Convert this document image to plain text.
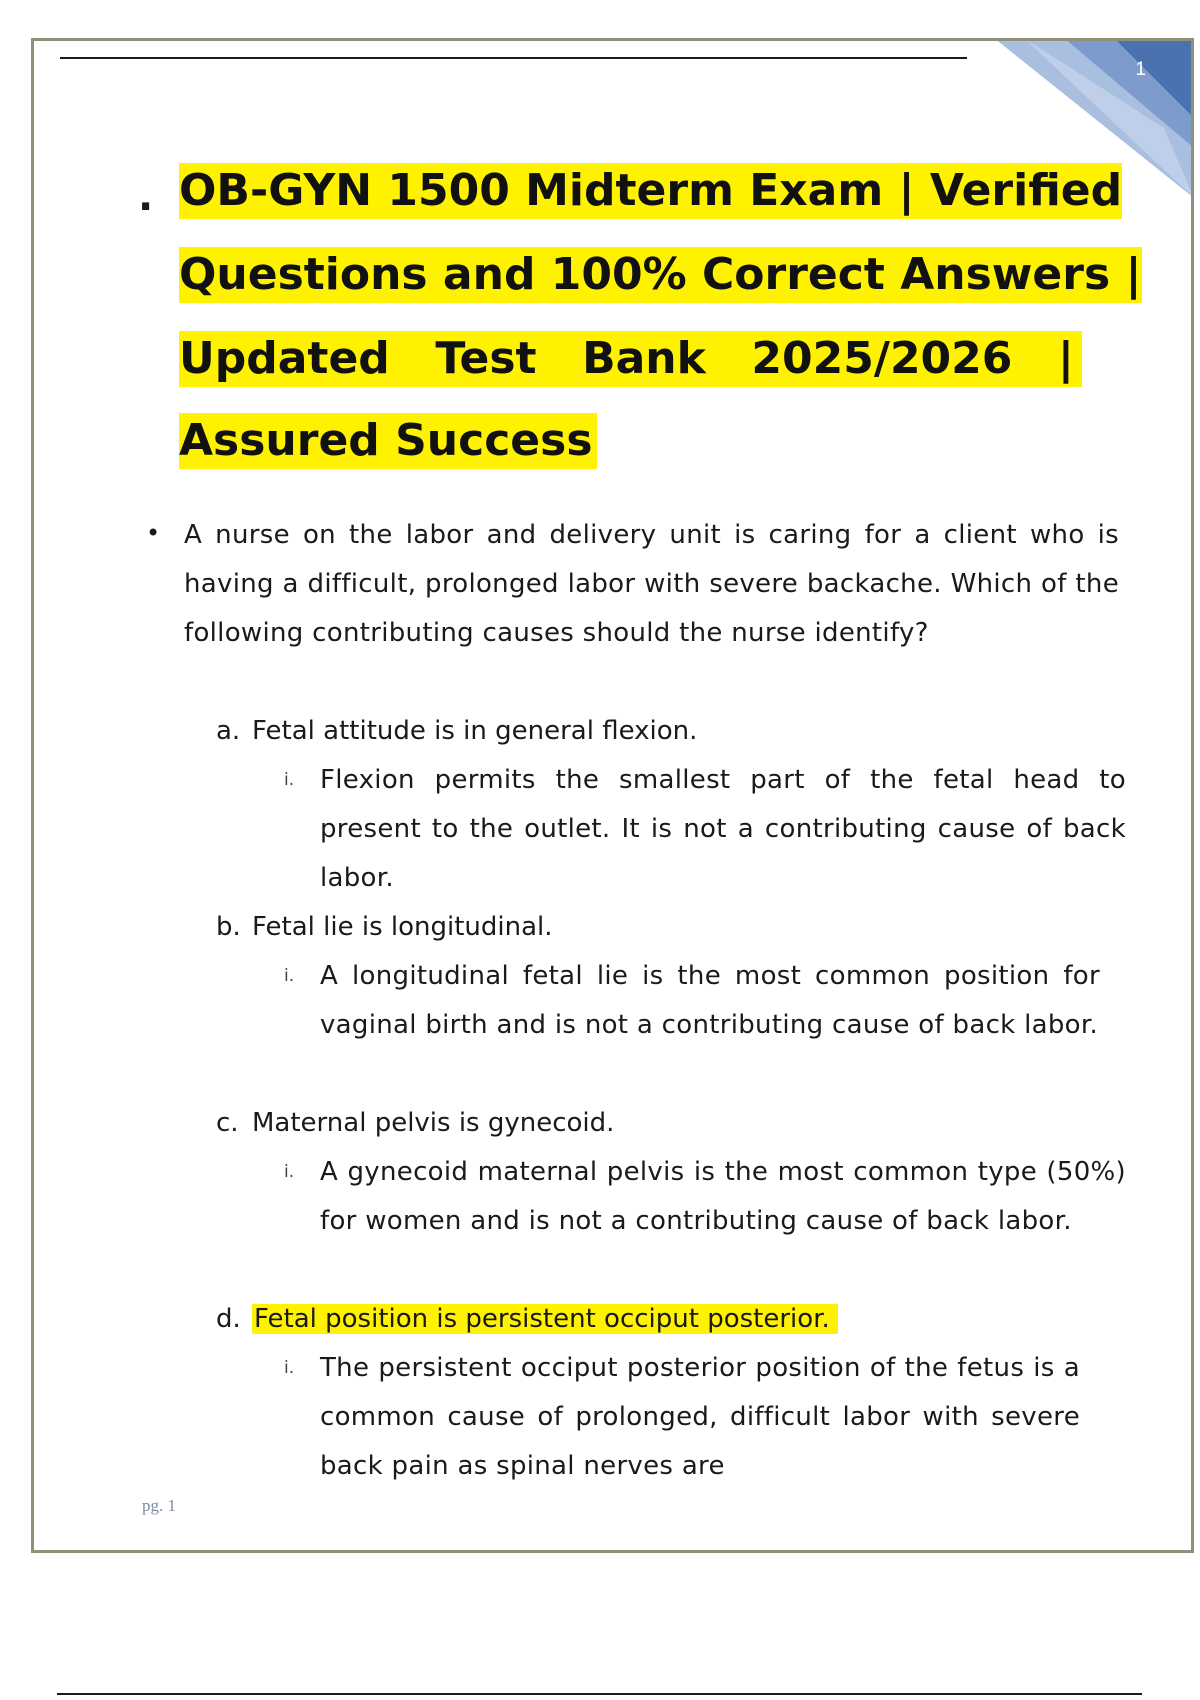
1
. OB-GYN 1500 Midterm Exam | Verified
Questions and 100% Correct Answers |
Updated Test Bank 2025/2026 |
Assured Success
• A nurse on the labor and delivery unit is caring for a client who is having a difficult, prolonged labor with severe backache. Which of the following contributing causes should the nurse identify?
a. Fetal attitude is in general flexion.
i. Flexion permits the smallest part of the fetal head to present to the outlet. It is not a contributing cause of back labor.
b. Fetal lie is longitudinal.
i. A longitudinal fetal lie is the most common position for vaginal birth and is not a contributing cause of back labor.
c. Maternal pelvis is gynecoid.
i. A gynecoid maternal pelvis is the most common type (50%) for women and is not a contributing cause of back labor.
d. Fetal position is persistent occiput posterior.
i. The persistent occiput posterior position of the fetus is a common cause of prolonged, difficult labor with severe back pain as spinal nerves are
pg. 1
